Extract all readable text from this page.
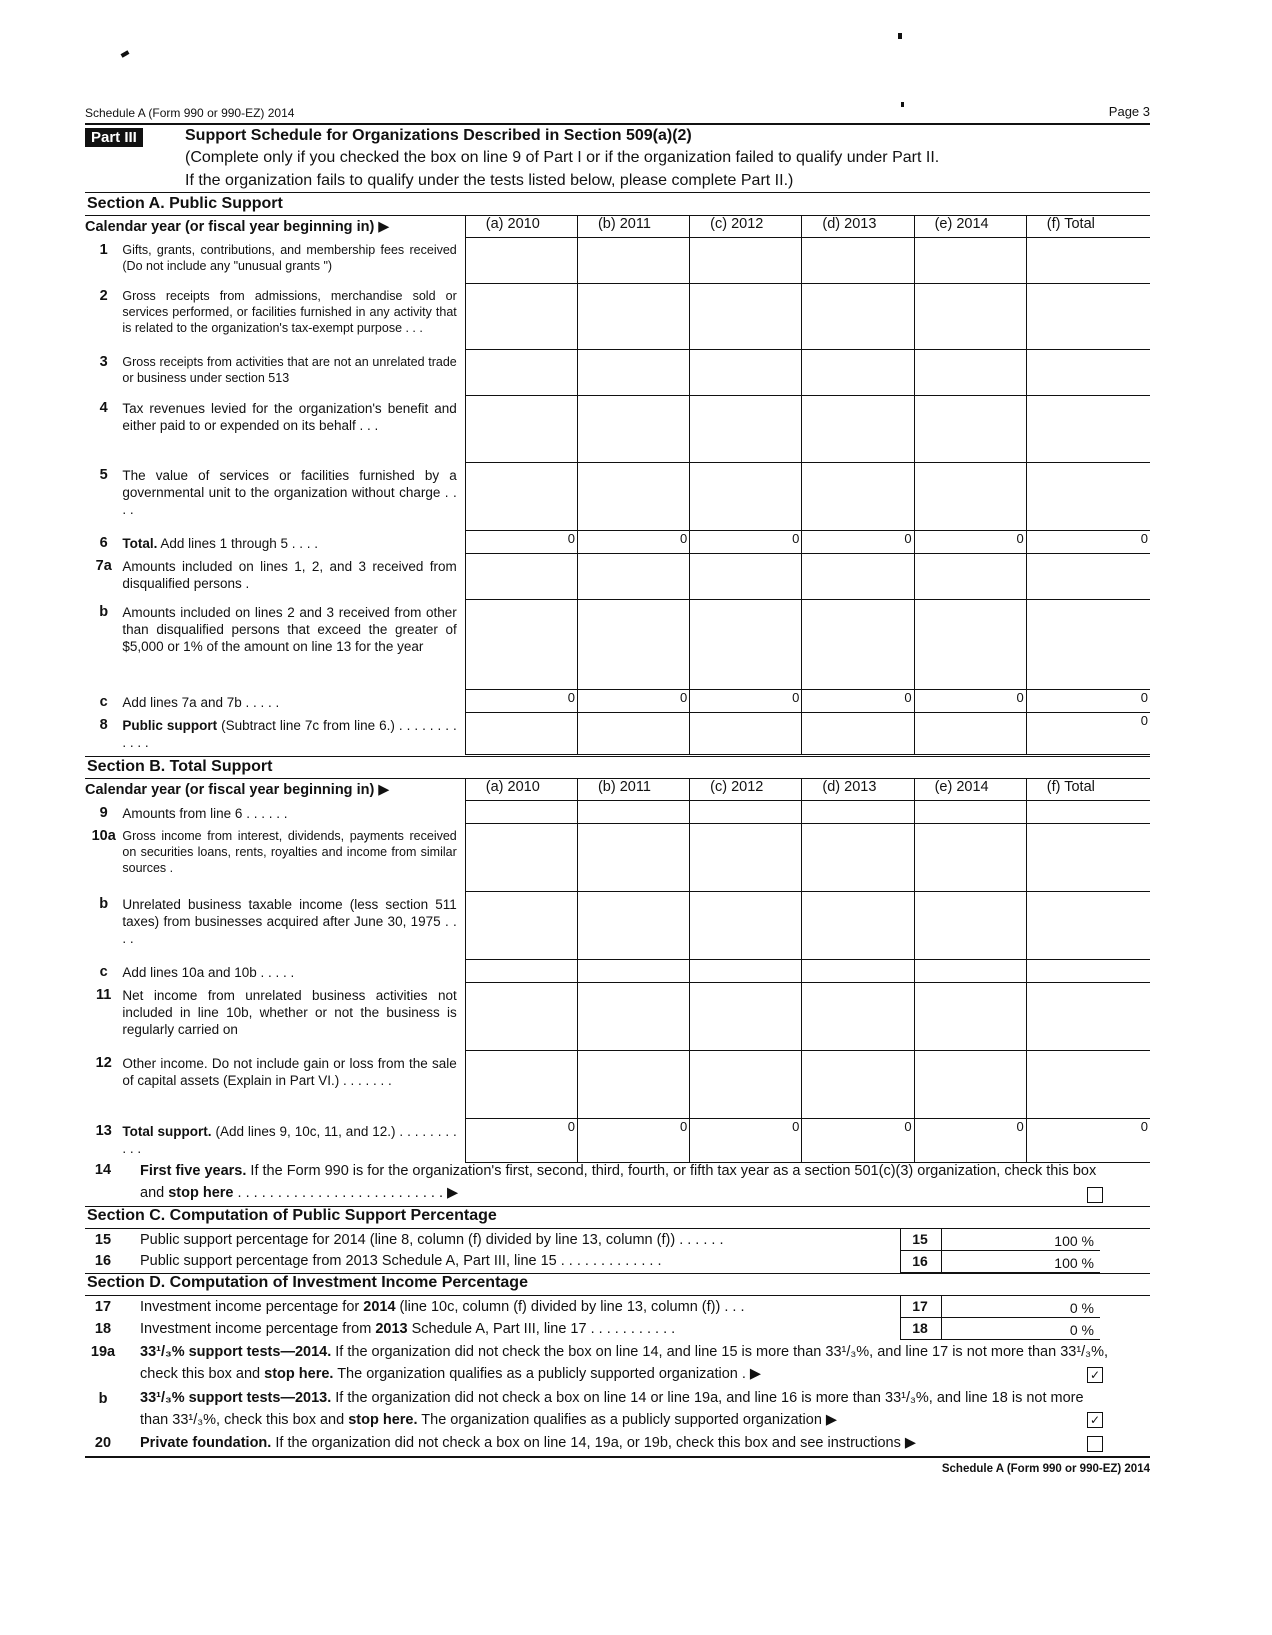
Schedule A (Form 990 or 990-EZ) 2014	Page 3
Part III	Support Schedule for Organizations Described in Section 509(a)(2)
(Complete only if you checked the box on line 9 of Part I or if the organization failed to qualify under Part II.
If the organization fails to qualify under the tests listed below, please complete Part II.)
Section A. Public Support
Calendar year (or fiscal year beginning in) ▶		(a) 2010	(b) 2011	(c) 2012	(d) 2013	(e) 2014	(f) Total
1	Gifts, grants, contributions, and membership fees received (Do not include any "unusual grants ")						
2	Gross receipts from admissions, merchandise sold or services performed, or facilities furnished in any activity that is related to the organization's tax-exempt purpose . . .						
3	Gross receipts from activities that are not an unrelated trade or business under section 513						
4	Tax revenues levied for the organization's benefit and either paid to or expended on its behalf . . .						
5	The value of services or facilities furnished by a governmental unit to the organization without charge . . . .						
6	Total. Add lines 1 through 5 . . . .	0	0	0	0	0	0
7a	Amounts included on lines 1, 2, and 3 received from disqualified persons .						
b	Amounts included on lines 2 and 3 received from other than disqualified persons that exceed the greater of $5,000 or 1% of the amount on line 13 for the year						
c	Add lines 7a and 7b . . . . .	0	0	0	0	0	0
8	Public support (Subtract line 7c from line 6.) . . . . . . . . . . . .						0
Section B. Total Support
Calendar year (or fiscal year beginning in) ▶		(a) 2010	(b) 2011	(c) 2012	(d) 2013	(e) 2014	(f) Total
9	Amounts from line 6 . . . . . .						
10a	Gross income from interest, dividends, payments received on securities loans, rents, royalties and income from similar sources .						
b	Unrelated business taxable income (less section 511 taxes) from businesses acquired after June 30, 1975 . . . .						
c	Add lines 10a and 10b . . . . .						
11	Net income from unrelated business activities not included in line 10b, whether or not the business is regularly carried on						
12	Other income. Do not include gain or loss from the sale of capital assets (Explain in Part VI.) . . . . . . .						
13	Total support. (Add lines 9, 10c, 11, and 12.) . . . . . . . . . . .	0	0	0	0	0	0
14	First five years. If the Form 990 is for the organization's first, second, third, fourth, or fifth tax year as a section 501(c)(3) organization, check this box and stop here . . . . . . . . . . . . . . . . . . . . . . . . . . ▶
Section C. Computation of Public Support Percentage
15	Public support percentage for 2014 (line 8, column (f) divided by line 13, column (f)) . . . . . .	15	100 %
16	Public support percentage from 2013 Schedule A, Part III, line 15 . . . . . . . . . . . . .	16	100 %
Section D. Computation of Investment Income Percentage
17	Investment income percentage for 2014 (line 10c, column (f) divided by line 13, column (f)) . . .	17	0 %
18	Investment income percentage from 2013 Schedule A, Part III, line 17 . . . . . . . . . . .	18	0 %
19a	33¹/₃% support tests—2014. If the organization did not check the box on line 14, and line 15 is more than 33¹/₃%, and line 17 is not more than 33¹/₃%, check this box and stop here. The organization qualifies as a publicly supported organization . ▶	✓
b	33¹/₃% support tests—2013. If the organization did not check a box on line 14 or line 19a, and line 16 is more than 33¹/₃%, and line 18 is not more than 33¹/₃%, check this box and stop here. The organization qualifies as a publicly supported organization ▶	✓
20	Private foundation. If the organization did not check a box on line 14, 19a, or 19b, check this box and see instructions ▶
Schedule A (Form 990 or 990-EZ) 2014
